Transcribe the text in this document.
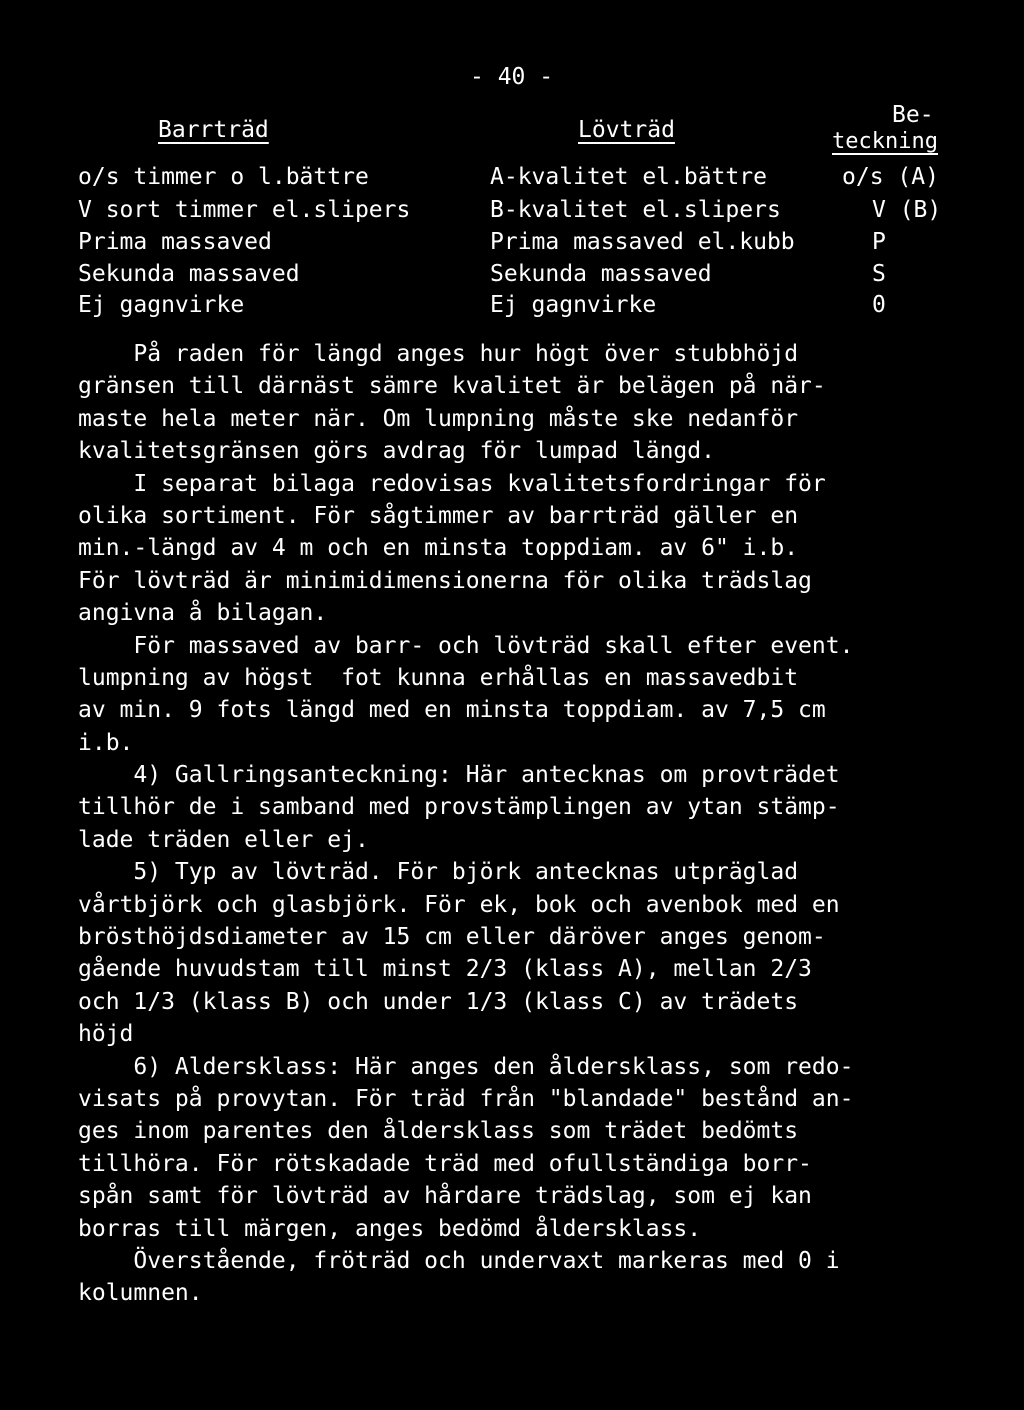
- 40 -
Barrträd	Lövträd
Be-
teckning
o/s timmer o l.bättre	A-kvalitet el.bättre	o/s (A)
V sort timmer el.slipers	B-kvalitet el.slipers	V (B)
Prima massaved	Prima massaved el.kubb	P
Sekunda massaved	Sekunda massaved	S
Ej gagnvirke	Ej gagnvirke	0
På raden för längd anges hur högt över stubbhöjd
gränsen till därnäst sämre kvalitet är belägen på när-
maste hela meter när. Om lumpning måste ske nedanför
kvalitetsgränsen görs avdrag för lumpad längd.
I separat bilaga redovisas kvalitetsfordringar för
olika sortiment. För sågtimmer av barrträd gäller en
min.-längd av 4 m och en minsta toppdiam. av 6" i.b.
För lövträd är minimidimensionerna för olika trädslag
angivna å bilagan.
För massaved av barr- och lövträd skall efter event.
lumpning av högst  fot kunna erhållas en massavedbit
av min. 9 fots längd med en minsta toppdiam. av 7,5 cm
i.b.
4) Gallringsanteckning: Här antecknas om provträdet
tillhör de i samband med provstämplingen av ytan stämp-
lade träden eller ej.
5) Typ av lövträd. För björk antecknas utpräglad
vårtbjörk och glasbjörk. För ek, bok och avenbok med en
brösthöjdsdiameter av 15 cm eller däröver anges genom-
gående huvudstam till minst 2/3 (klass A), mellan 2/3
och 1/3 (klass B) och under 1/3 (klass C) av trädets
höjd
6) Aldersklass: Här anges den åldersklass, som redo-
visats på provytan. För träd från "blandade" bestånd an-
ges inom parentes den åldersklass som trädet bedömts
tillhöra. För rötskadade träd med ofullständiga borr-
spån samt för lövträd av hårdare trädslag, som ej kan
borras till märgen, anges bedömd åldersklass.
Överstående, fröträd och undervaxt markeras med 0 i
kolumnen.
